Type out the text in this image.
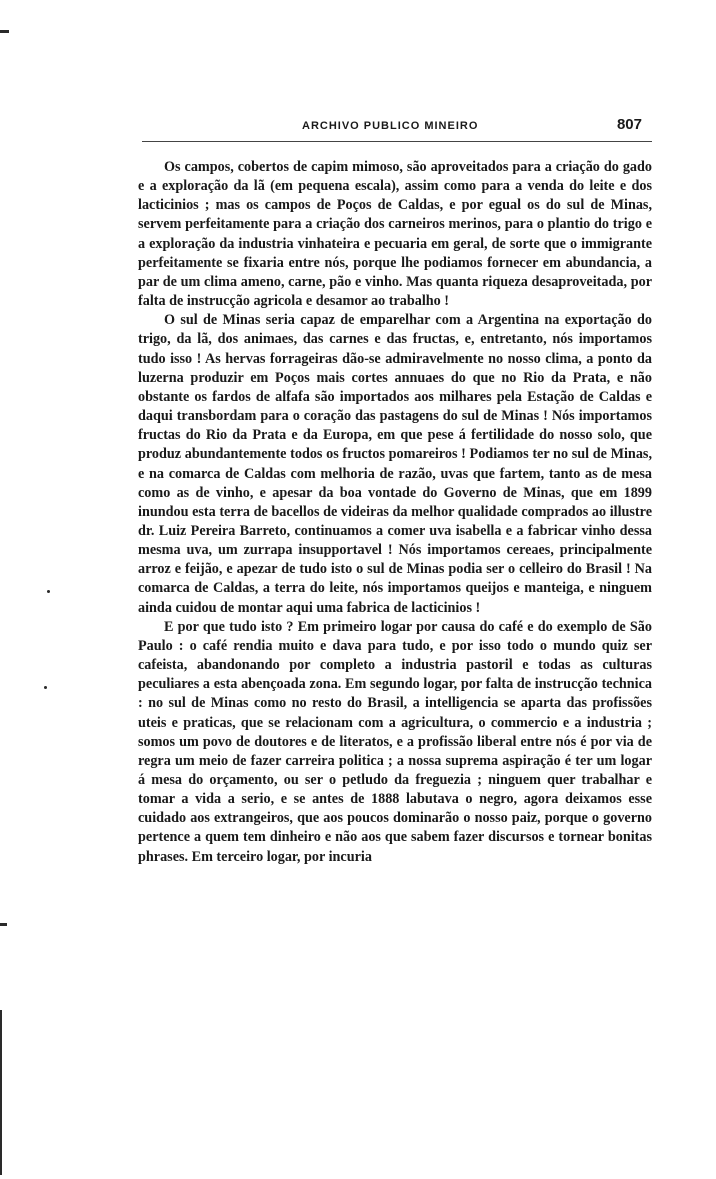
ARCHIVO PUBLICO MINEIRO	807

Os campos, cobertos de capim mimoso, são aproveitados para a criação do gado e a exploração da lã (em pequena escala), assim como para a venda do leite e dos lacticinios ; mas os campos de Poços de Caldas, e por egual os do sul de Minas, servem perfeitamente para a criação dos carneiros merinos, para o plantio do trigo e a exploração da industria vinhateira e pecuaria em geral, de sorte que o immigrante perfeitamente se fixaria entre nós, porque lhe podiamos fornecer em abundancia, a par de um clima ameno, carne, pão e vinho. Mas quanta riqueza desaproveitada, por falta de instrucção agricola e desamor ao trabalho !

O sul de Minas seria capaz de emparelhar com a Argentina na exportação do trigo, da lã, dos animaes, das carnes e das fructas, e, entretanto, nós importamos tudo isso ! As hervas forrageiras dão-se admiravelmente no nosso clima, a ponto da luzerna produzir em Poços mais cortes annuaes do que no Rio da Prata, e não obstante os fardos de alfafa são importados aos milhares pela Estação de Caldas e daqui transbordam para o coração das pastagens do sul de Minas ! Nós importamos fructas do Rio da Prata e da Europa, em que pese á fertilidade do nosso solo, que produz abundantemente todos os fructos pomareiros ! Podiamos ter no sul de Minas, e na comarca de Caldas com melhoria de razão, uvas que fartem, tanto as de mesa como as de vinho, e apesar da boa vontade do Governo de Minas, que em 1899 inundou esta terra de bacellos de videiras da melhor qualidade comprados ao illustre dr. Luiz Pereira Barreto, continuamos a comer uva isabella e a fabricar vinho dessa mesma uva, um zurrapa insupportavel ! Nós importamos cereaes, principalmente arroz e feijão, e apezar de tudo isto o sul de Minas podia ser o celleiro do Brasil ! Na comarca de Caldas, a terra do leite, nós importamos queijos e manteiga, e ninguem ainda cuidou de montar aqui uma fabrica de lacticinios !

E por que tudo isto ? Em primeiro logar por causa do café e do exemplo de São Paulo : o café rendia muito e dava para tudo, e por isso todo o mundo quiz ser cafeista, abandonando por completo a industria pastoril e todas as culturas peculiares a esta abençoada zona. Em segundo logar, por falta de instrucção technica : no sul de Minas como no resto do Brasil, a intelligencia se aparta das profissões uteis e praticas, que se relacionam com a agricultura, o commercio e a industria ; somos um povo de doutores e de literatos, e a profissão liberal entre nós é por via de regra um meio de fazer carreira politica ; a nossa suprema aspiração é ter um logar á mesa do orçamento, ou ser o petludo da freguezia ; ninguem quer trabalhar e tomar a vida a serio, e se antes de 1888 labutava o negro, agora deixamos esse cuidado aos extrangeiros, que aos poucos dominarão o nosso paiz, porque o governo pertence a quem tem dinheiro e não aos que sabem fazer discursos e tornear bonitas phrases. Em terceiro logar, por incuria
